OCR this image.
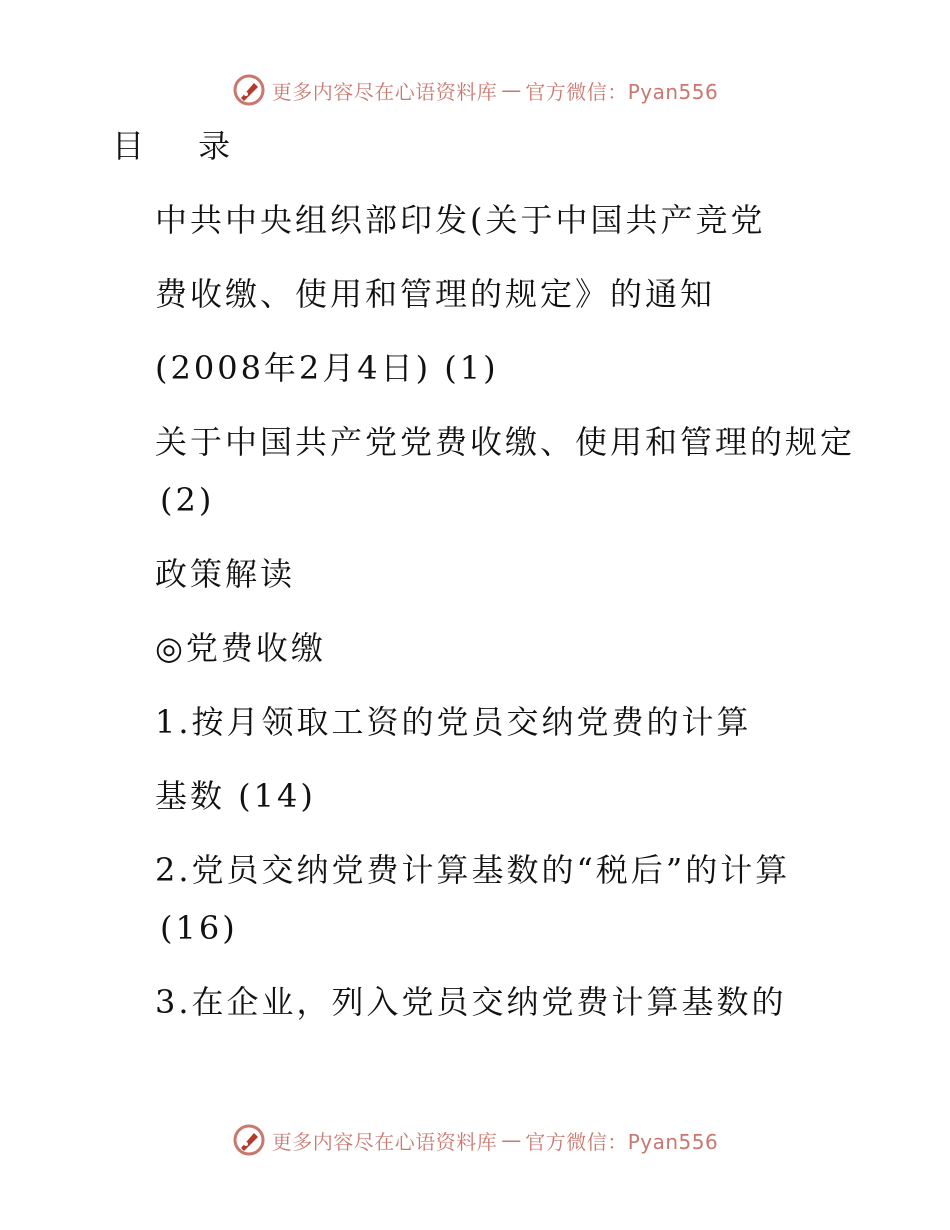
更多内容尽在心语资料库 — 官方微信：Pyan556
目 录
中共中央组织部印发(关于中国共产竞党
费收缴、使用和管理的规定》的通知
(2008年2月4日) (1)
关于中国共产党党费收缴、使用和管理的规定
(2)
政策解读
◎党费收缴
1.按月领取工资的党员交纳党费的计算
基数 (14)
2.党员交纳党费计算基数的“税后”的计算
(16)
3.在企业，列入党员交纳党费计算基数的
更多内容尽在心语资料库 — 官方微信：Pyan556
